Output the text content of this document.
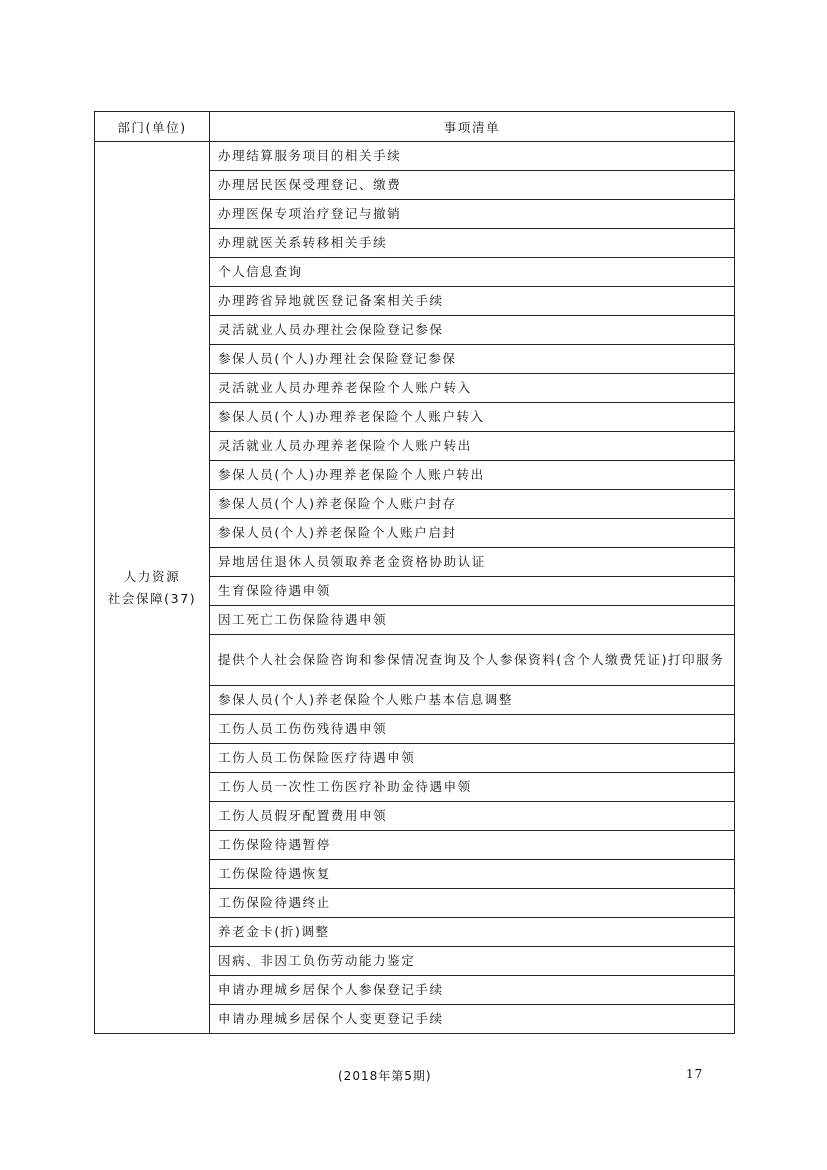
部门(单位)	事项清单

人力资源
社会保障(37)	办理结算服务项目的相关手续
	办理居民医保受理登记、缴费
	办理医保专项治疗登记与撤销
	办理就医关系转移相关手续
	个人信息查询
	办理跨省异地就医登记备案相关手续
	灵活就业人员办理社会保险登记参保
	参保人员(个人)办理社会保险登记参保
	灵活就业人员办理养老保险个人账户转入
	参保人员(个人)办理养老保险个人账户转入
	灵活就业人员办理养老保险个人账户转出
	参保人员(个人)办理养老保险个人账户转出
	参保人员(个人)养老保险个人账户封存
	参保人员(个人)养老保险个人账户启封
	异地居住退休人员领取养老金资格协助认证
	生育保险待遇申领
	因工死亡工伤保险待遇申领
	提供个人社会保险咨询和参保情况查询及个人参保资料(含个人缴费凭证)打印服务
	参保人员(个人)养老保险个人账户基本信息调整
	工伤人员工伤伤残待遇申领
	工伤人员工伤保险医疗待遇申领
	工伤人员一次性工伤医疗补助金待遇申领
	工伤人员假牙配置费用申领
	工伤保险待遇暂停
	工伤保险待遇恢复
	工伤保险待遇终止
	养老金卡(折)调整
	因病、非因工负伤劳动能力鉴定
	申请办理城乡居保个人参保登记手续
	申请办理城乡居保个人变更登记手续
(2018年第5期)	17
